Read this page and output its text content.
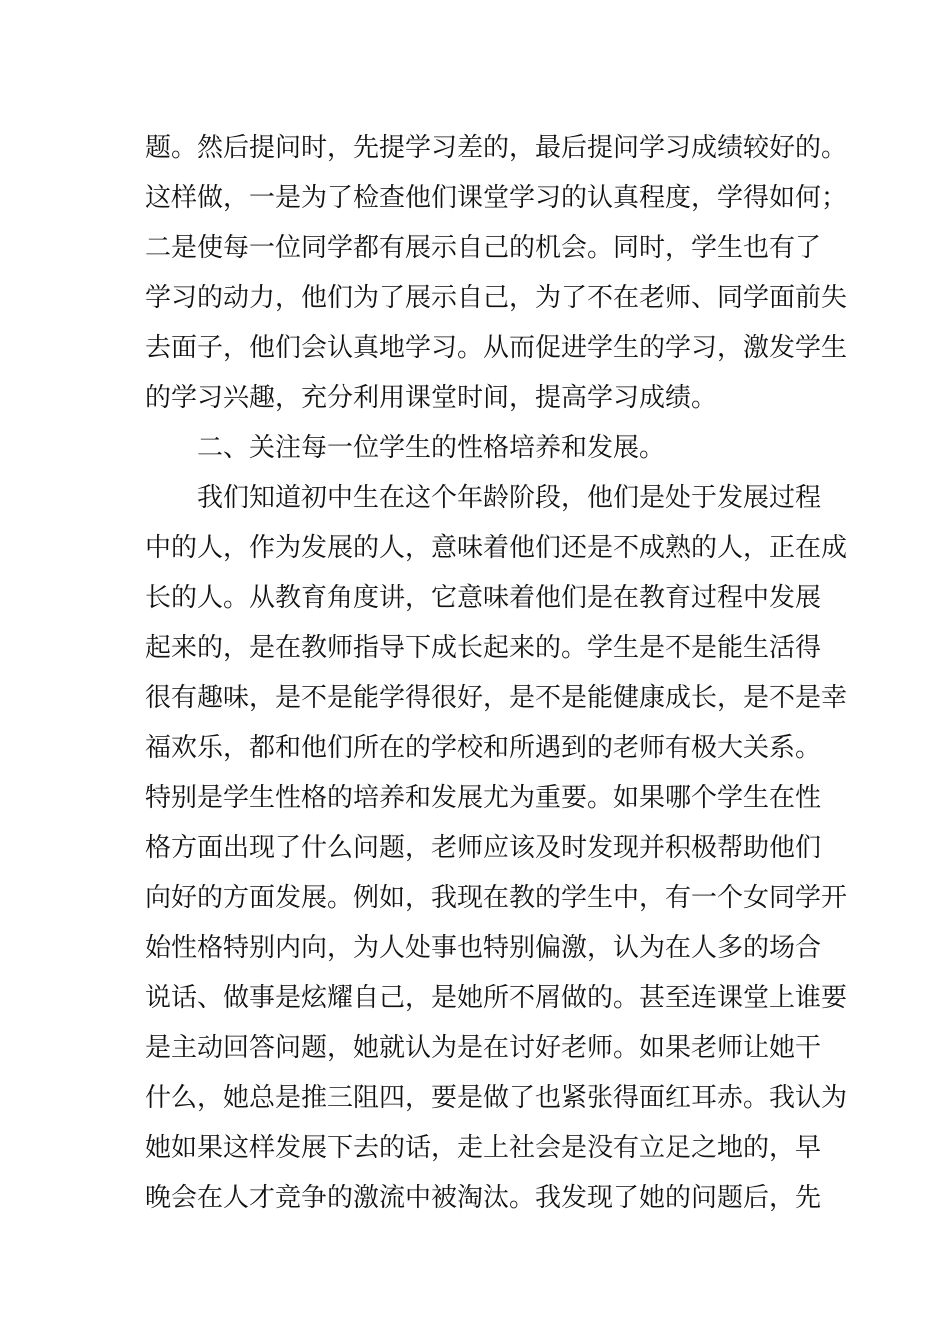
题。然后提问时，先提学习差的，最后提问学习成绩较好的。
这样做，一是为了检查他们课堂学习的认真程度，学得如何；
二是使每一位同学都有展示自己的机会。同时，学生也有了
学习的动力，他们为了展示自己，为了不在老师、同学面前失
去面子，他们会认真地学习。从而促进学生的学习，激发学生
的学习兴趣，充分利用课堂时间，提高学习成绩。
二、关注每一位学生的性格培养和发展。
我们知道初中生在这个年龄阶段，他们是处于发展过程
中的人，作为发展的人，意味着他们还是不成熟的人，正在成
长的人。从教育角度讲，它意味着他们是在教育过程中发展
起来的，是在教师指导下成长起来的。学生是不是能生活得
很有趣味，是不是能学得很好，是不是能健康成长，是不是幸
福欢乐，都和他们所在的学校和所遇到的老师有极大关系。
特别是学生性格的培养和发展尤为重要。如果哪个学生在性
格方面出现了什么问题，老师应该及时发现并积极帮助他们
向好的方面发展。例如，我现在教的学生中，有一个女同学开
始性格特别内向，为人处事也特别偏激，认为在人多的场合
说话、做事是炫耀自己，是她所不屑做的。甚至连课堂上谁要
是主动回答问题，她就认为是在讨好老师。如果老师让她干
什么，她总是推三阻四，要是做了也紧张得面红耳赤。我认为
她如果这样发展下去的话，走上社会是没有立足之地的，早
晚会在人才竞争的激流中被淘汰。我发现了她的问题后，先
